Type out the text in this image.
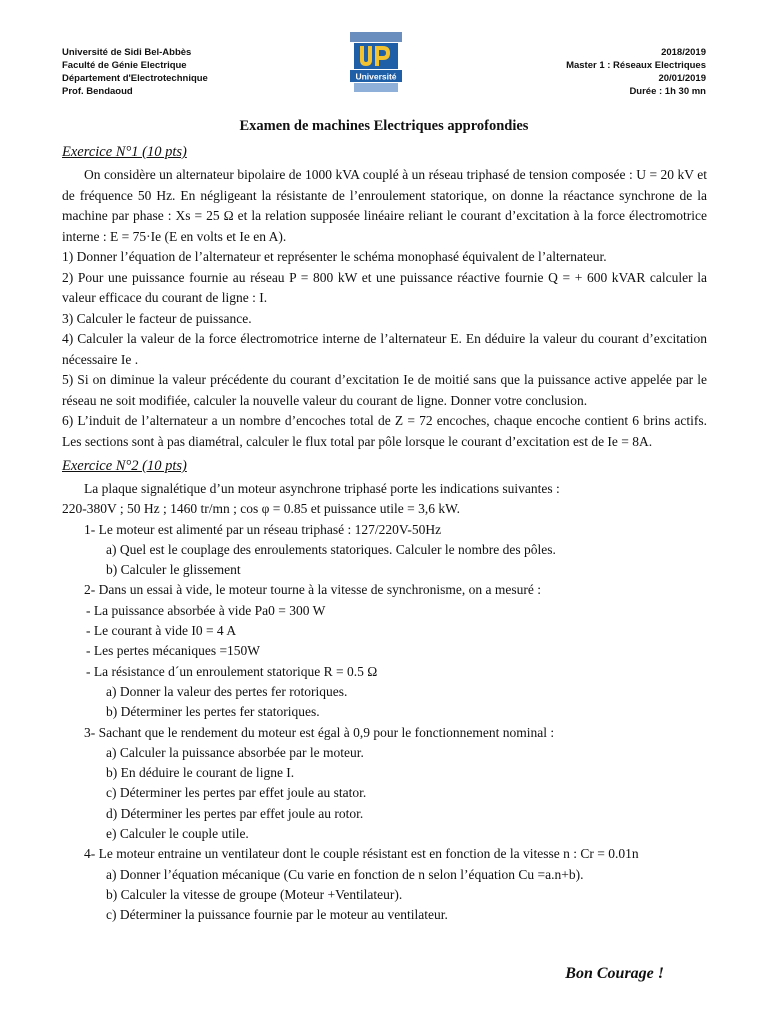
Université de Sidi Bel-Abbès
Faculté de Génie Electrique
Département d'Electrotechnique
Prof. Bendaoud
Université
2018/2019
Master 1 : Réseaux Electriques
20/01/2019
Durée : 1h 30 mn
Examen de machines Electriques approfondies
Exercice N°1 (10 pts)

On considère un alternateur bipolaire de 1000 kVA couplé à un réseau triphasé de tension composée : U = 20 kV et de fréquence 50 Hz. En négligeant la résistante de l’enroulement statorique, on donne la réactance synchrone de la machine par phase : Xs = 25 Ω et la relation supposée linéaire reliant le courant d’excitation à la force électromotrice interne : E = 75·Ie (E en volts et Ie en A).

1) Donner l’équation de l’alternateur et représenter le schéma monophasé équivalent de l’alternateur.

2) Pour une puissance fournie au réseau P = 800 kW et une puissance réactive fournie Q = + 600 kVAR calculer la valeur efficace du courant de ligne : I.

3) Calculer le facteur de puissance.

4) Calculer la valeur de la force électromotrice interne de l’alternateur E. En déduire la valeur du courant d’excitation nécessaire Ie .

5) Si on diminue la valeur précédente du courant d’excitation Ie de moitié sans que la puissance active appelée par le réseau ne soit modifiée, calculer la nouvelle valeur du courant de ligne. Donner votre conclusion.

6) L’induit de l’alternateur a un nombre d’encoches total de Z = 72 encoches, chaque encoche contient 6 brins actifs. Les sections sont à pas diamétral, calculer le flux total par pôle lorsque le courant d’excitation est de Ie = 8A.

Exercice N°2 (10 pts)

La plaque signalétique d’un moteur asynchrone triphasé porte les indications suivantes :

220-380V ; 50 Hz ; 1460 tr/mn ; cos φ = 0.85 et puissance utile = 3,6 kW.

1- Le moteur est alimenté par un réseau triphasé : 127/220V-50Hz

a) Quel est le couplage des enroulements statoriques. Calculer le nombre des pôles.

b) Calculer le glissement

2- Dans un essai à vide, le moteur tourne à la vitesse de synchronisme, on a mesuré :

- La puissance absorbée à vide Pa0 = 300 W

- Le courant à vide I0 = 4 A

- Les pertes mécaniques =150W

- La résistance d´un enroulement statorique R = 0.5 Ω

a) Donner la valeur des pertes fer rotoriques.

b) Déterminer les pertes fer statoriques.

3- Sachant que le rendement du moteur est égal à 0,9 pour le fonctionnement nominal :

a) Calculer la puissance absorbée par le moteur.

b) En déduire le courant de ligne I.

c) Déterminer les pertes par effet joule au stator.

d) Déterminer les pertes par effet joule au rotor.

e) Calculer le couple utile.

4- Le moteur entraine un ventilateur dont le couple résistant est en fonction de la vitesse n : Cr = 0.01n

a) Donner l’équation mécanique (Cu varie en fonction de n selon l’équation Cu =a.n+b).

b) Calculer la vitesse de groupe (Moteur +Ventilateur).

c) Déterminer la puissance fournie par le moteur au ventilateur.

Bon Courage !
